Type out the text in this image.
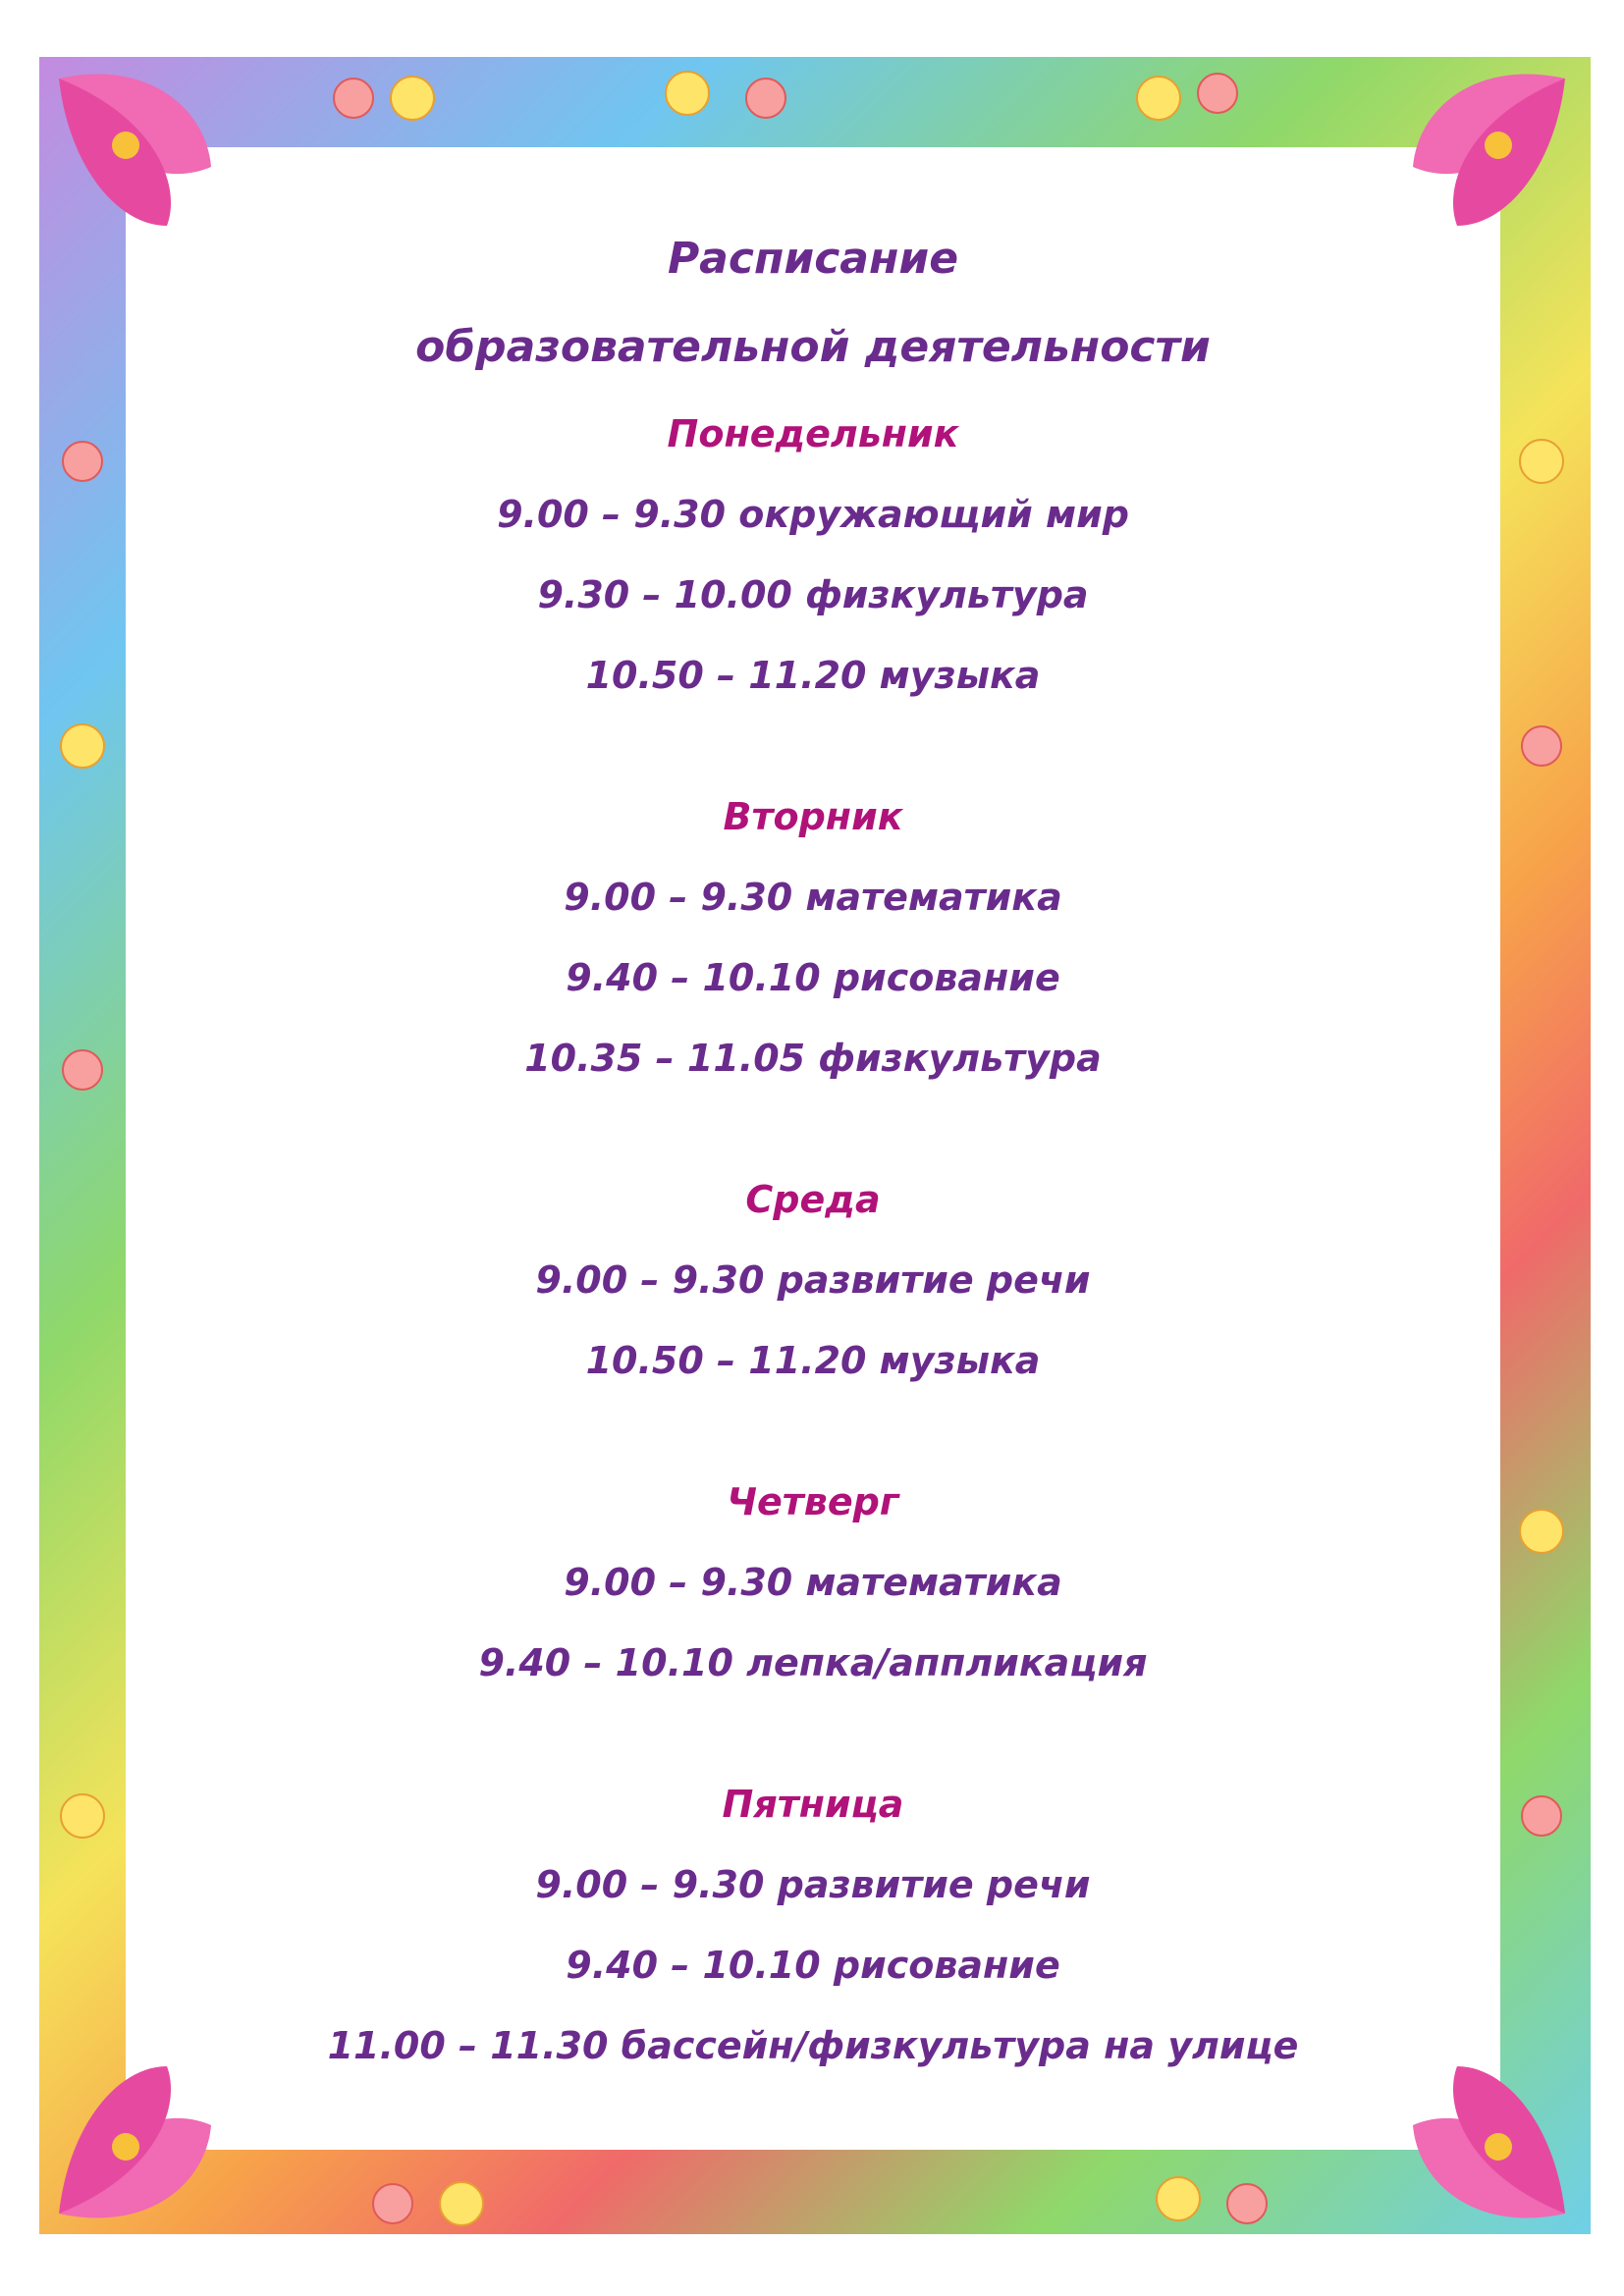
Расписание
образовательной деятельности
Понедельник
9.00 – 9.30 окружающий мир
9.30 – 10.00 физкультура
10.50 – 11.20 музыка
Вторник
9.00 – 9.30 математика
9.40 – 10.10 рисование
10.35 – 11.05 физкультура
Среда
9.00 – 9.30 развитие речи
10.50 – 11.20 музыка
Четверг
9.00 – 9.30 математика
9.40 – 10.10 лепка/аппликация
Пятница
9.00 – 9.30 развитие речи
9.40 – 10.10 рисование
11.00 – 11.30 бассейн/физкультура на улице
